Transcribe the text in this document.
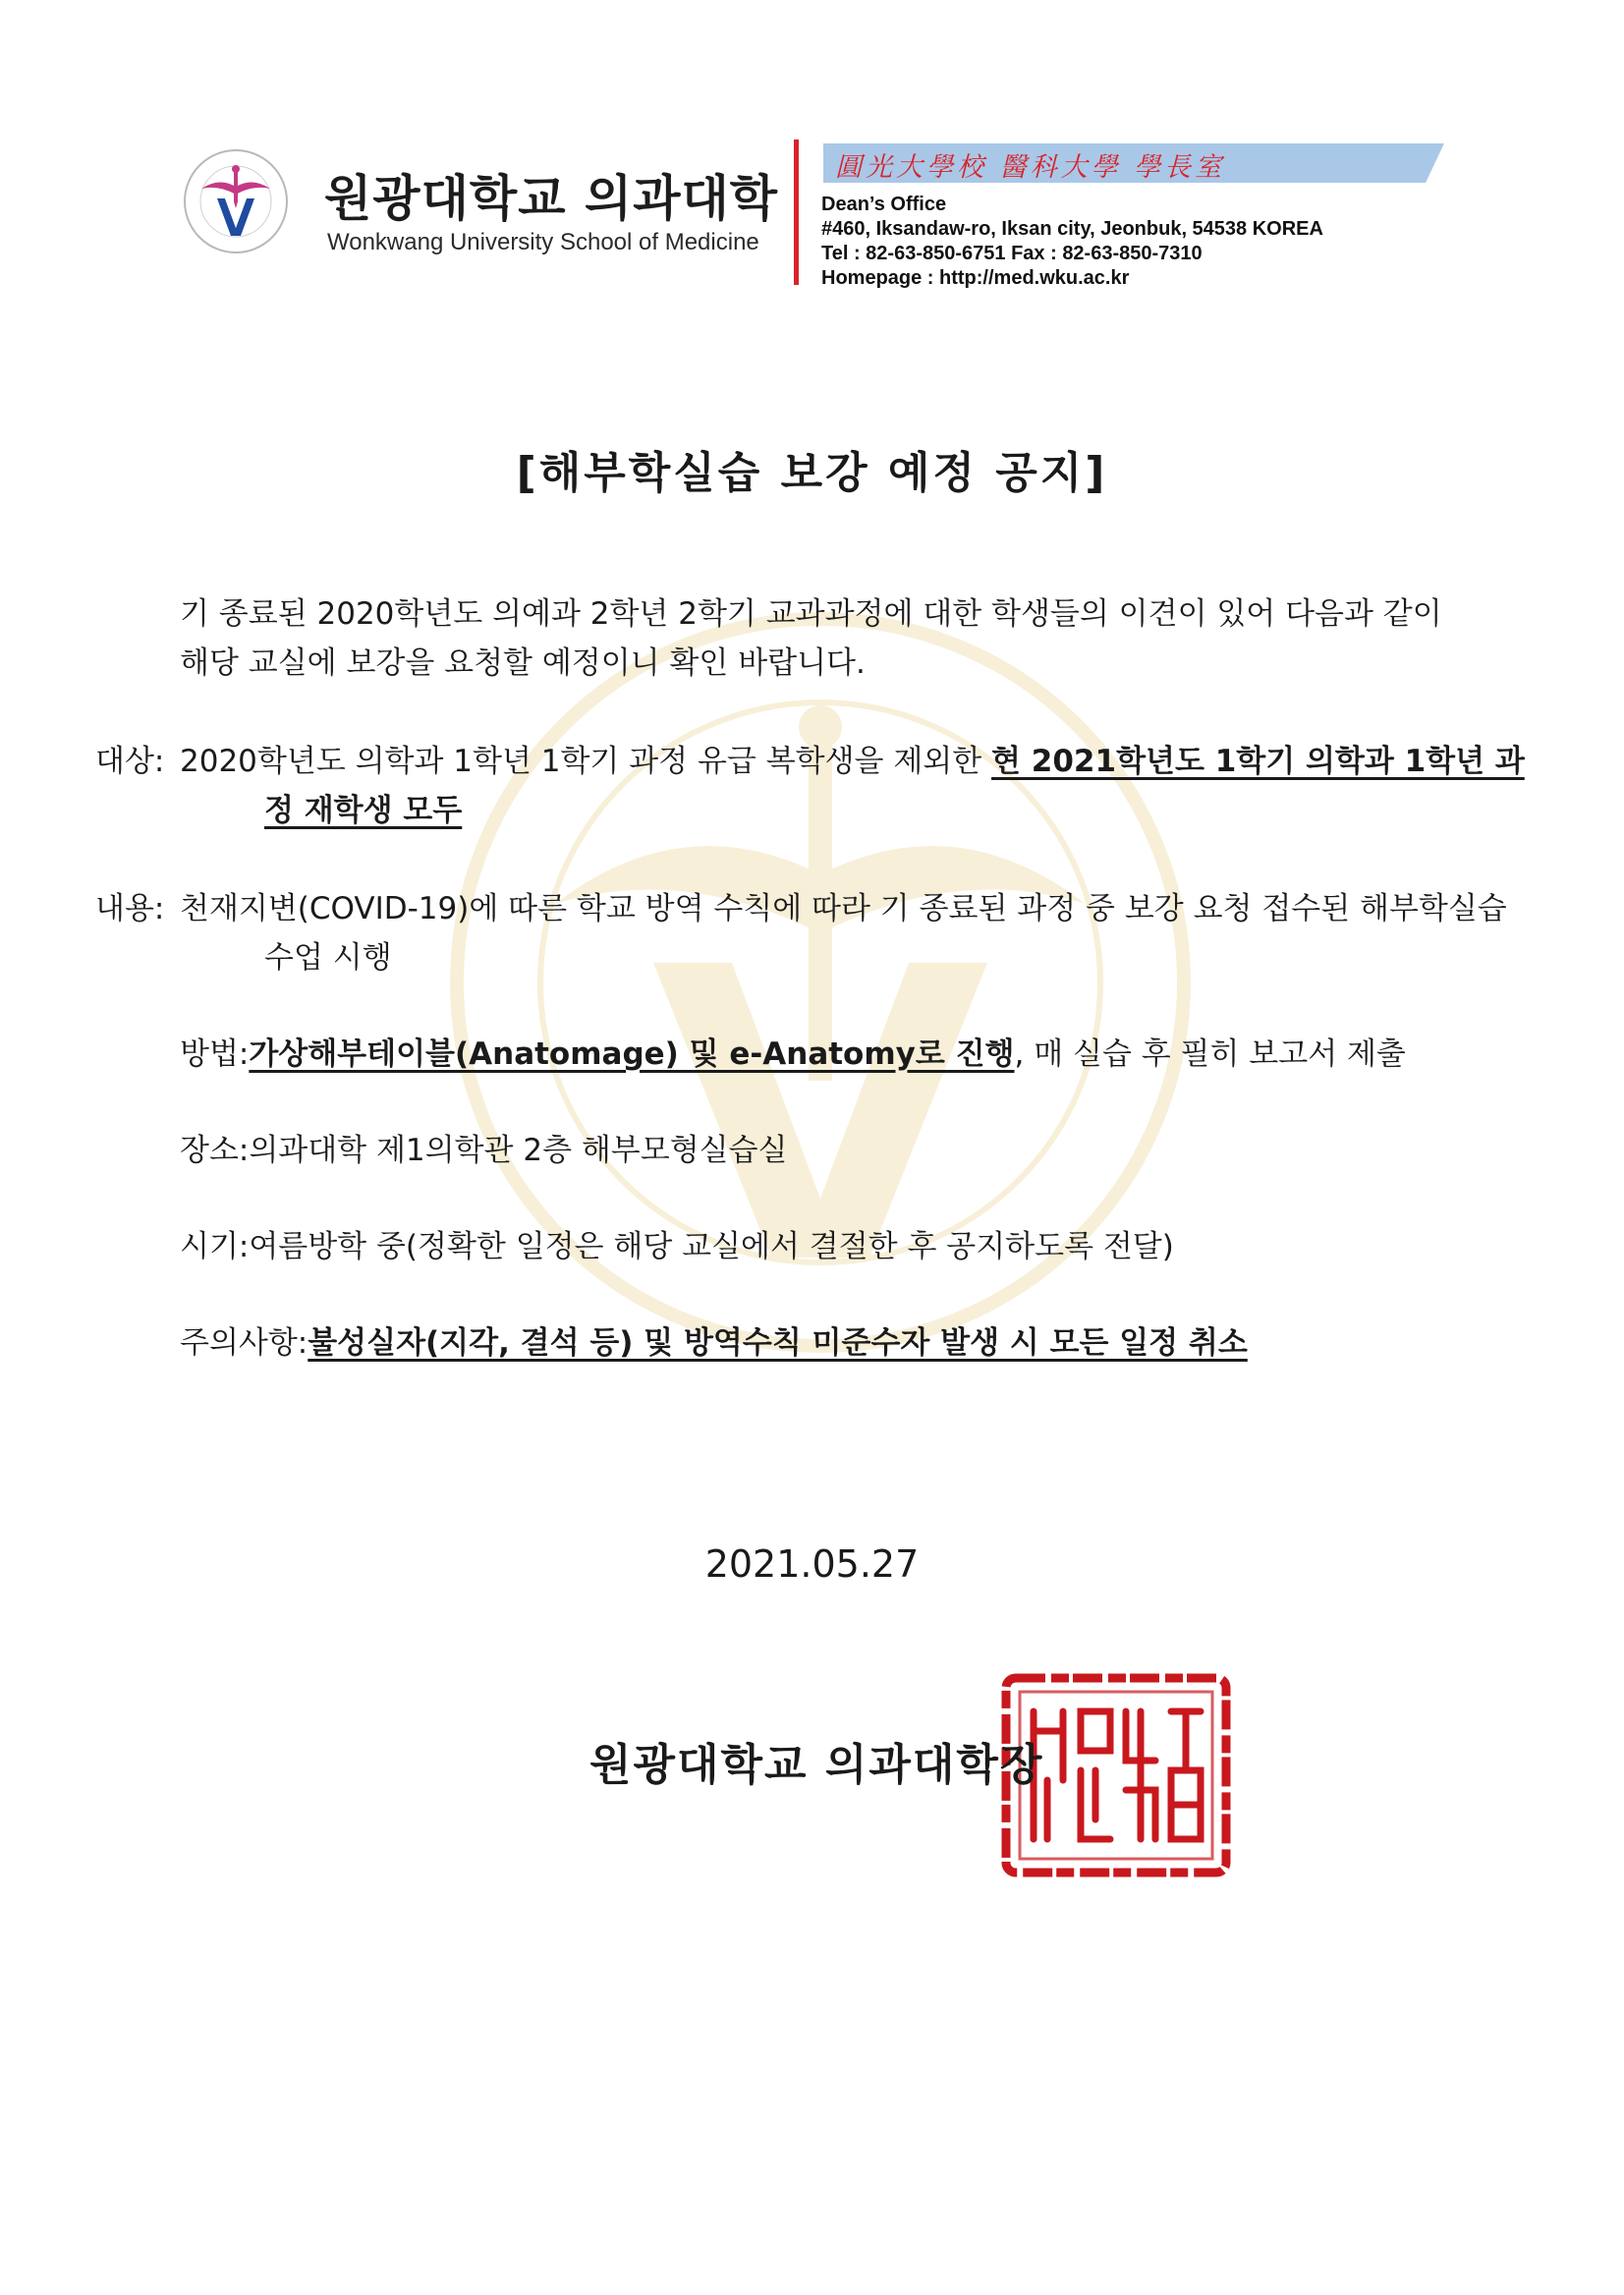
원광대학교 의과대학
Wonkwang University School of Medicine
圓光大學校 醫科大學 學長室
Dean’s Office
#460, Iksandaw-ro, Iksan city, Jeonbuk, 54538 KOREA
Tel : 82-63-850-6751 Fax : 82-63-850-7310
Homepage : http://med.wku.ac.kr
[해부학실습 보강 예정 공지]
기 종료된 2020학년도 의예과 2학년 2학기 교과과정에 대한 학생들의 이견이 있어 다음과 같이 해당 교실에 보강을 요청할 예정이니 확인 바랍니다.
대상:2020학년도 의학과 1학년 1학기 과정 유급 복학생을 제외한 현 2021학년도 1학기 의학과 1학년 과정 재학생 모두
내용:천재지변(COVID-19)에 따른 학교 방역 수칙에 따라 기 종료된 과정 중 보강 요청 접수된 해부학실습 수업 시행
방법:가상해부테이블(Anatomage) 및 e-Anatomy로 진행, 매 실습 후 필히 보고서 제출
장소:의과대학 제1의학관 2층 해부모형실습실
시기:여름방학 중(정확한 일정은 해당 교실에서 결절한 후 공지하도록 전달)
주의사항:불성실자(지각, 결석 등) 및 방역수칙 미준수자 발생 시 모든 일정 취소
2021.05.27
원광대학교 의과대학장
